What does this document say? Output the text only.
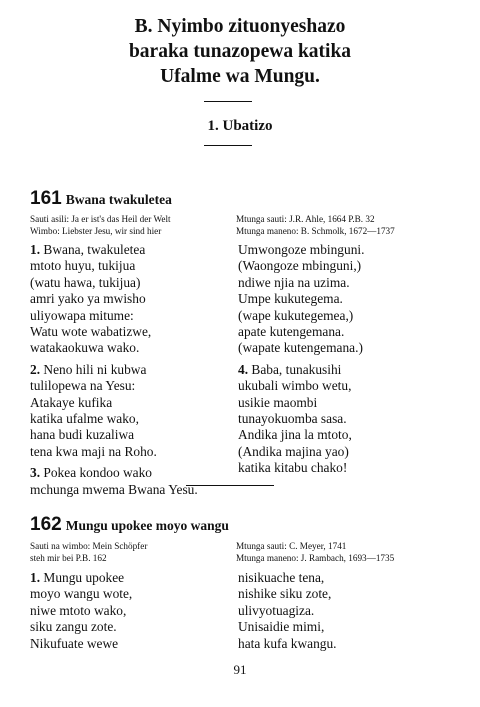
B. Nyimbo zituonyeshazo
baraka tunazopewa katika
Ufalme wa Mungu.
1. Ubatizo
161 Bwana twakuletea
Sauti asili: Ja er ist's das Heil der Welt
Wimbo: Liebster Jesu, wir sind hier
Mtunga sauti: J.R. Ahle, 1664 P.B. 32
Mtunga maneno: B. Schmolk, 1672—1737
1. Bwana, twakuletea
mtoto huyu, tukijua
(watu hawa, tukijua)
amri yako ya mwisho
uliyowapa mitume:
Watu wote wabatizwe,
watakaokuwa wako.
2. Neno hili ni kubwa
tulilopewa na Yesu:
Atakaye kufika
katika ufalme wako,
hana budi kuzaliwa
tena kwa maji na Roho.
3. Pokea kondoo wako
mchunga mwema Bwana Yesu.
Umwongoze mbinguni.
(Waongoze mbinguni,)
ndiwe njia na uzima.
Umpe kukutegema.
(wape kukutegemea,)
apate kutengemana.
(wapate kutengemana.)
4. Baba, tunakusihi
ukubali wimbo wetu,
usikie maombi
tunayokuomba sasa.
Andika jina la mtoto,
(Andika majina yao)
katika kitabu chako!
162 Mungu upokee moyo wangu
Sauti na wimbo: Mein Schöpfer
steh mir bei P.B. 162
Mtunga sauti: C. Meyer, 1741
Mtunga maneno: J. Rambach, 1693—1735
1. Mungu upokee
moyo wangu wote,
niwe mtoto wako,
siku zangu zote.
Nikufuate wewe
nisikuache tena,
nishike siku zote,
ulivyotuagiza.
Unisaidie mimi,
hata kufa kwangu.
91
